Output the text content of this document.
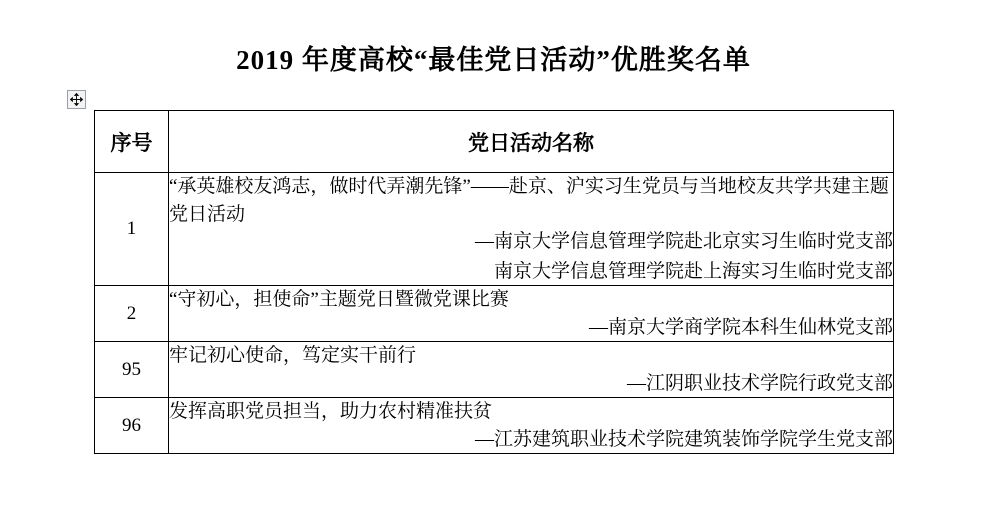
2019 年度高校“最佳党日活动”优胜奖名单
序号	党日活动名称
1	“承英雄校友鸿志，做时代弄潮先锋”——赴京、沪实习生党员与当地校友共学共建主题党日活动
—南京大学信息管理学院赴北京实习生临时党支部
南京大学信息管理学院赴上海实习生临时党支部

2	“守初心，担使命”主题党日暨微党课比赛
—南京大学商学院本科生仙林党支部

95	牢记初心使命，笃定实干前行
—江阴职业技术学院行政党支部

96	发挥高职党员担当，助力农村精准扶贫
—江苏建筑职业技术学院建筑装饰学院学生党支部
